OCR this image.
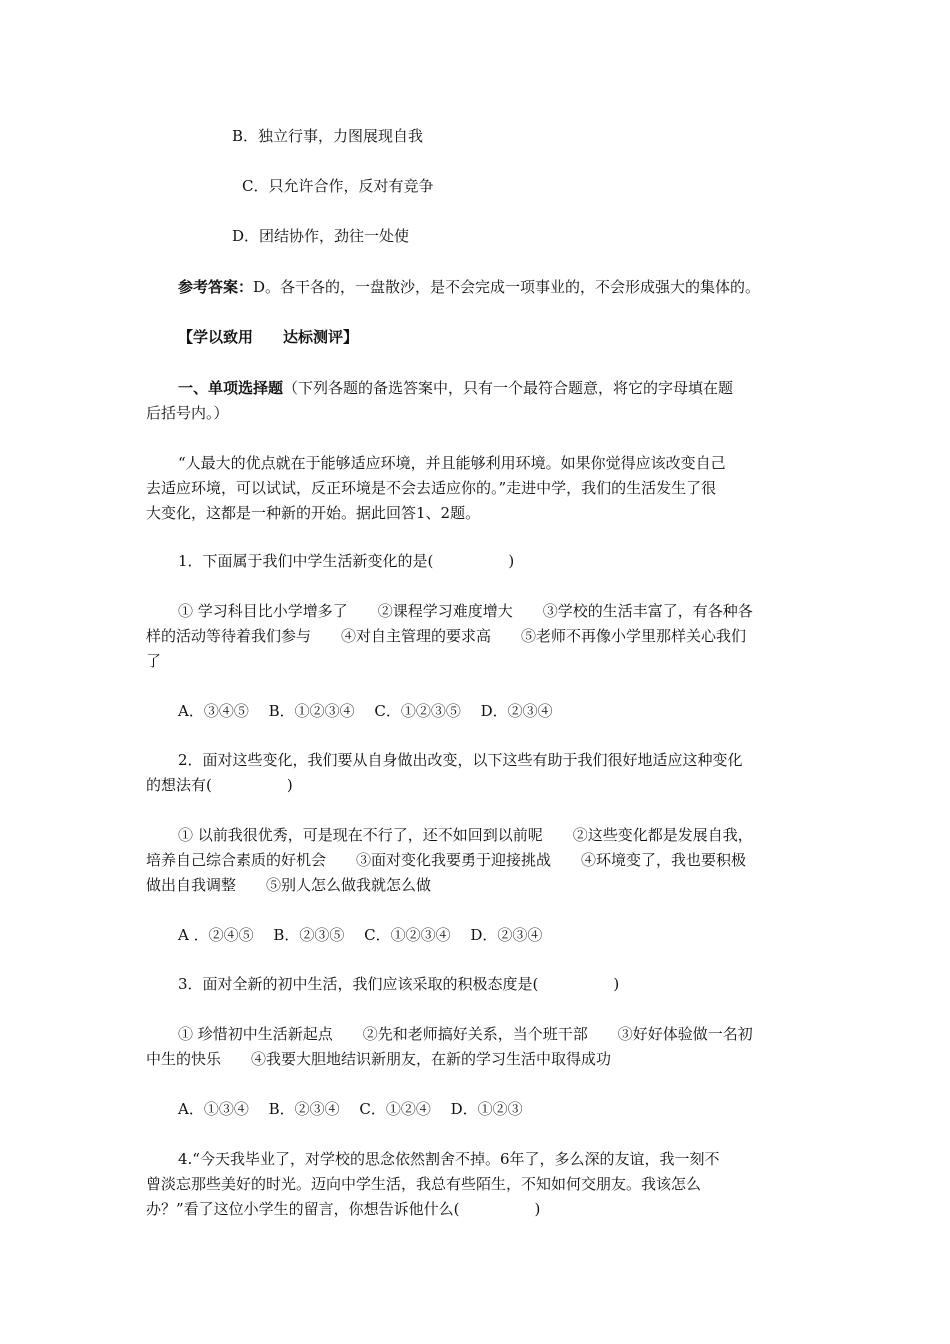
B．独立行事，力图展现自我
C．只允许合作，反对有竞争
D．团结协作，劲往一处使
参考答案：D。各干各的，一盘散沙，是不会完成一项事业的，不会形成强大的集体的。
【学以致用　　达标测评】
一、单项选择题（下列各题的备选答案中，只有一个最符合题意，将它的字母填在题
后括号内。）
“人最大的优点就在于能够适应环境，并且能够利用环境。如果你觉得应该改变自己
去适应环境，可以试试，反正环境是不会去适应你的。”走进中学，我们的生活发生了很
大变化，这都是一种新的开始。据此回答1、2题。
1．下面属于我们中学生活新变化的是(　　　　　)
① 学习科目比小学增多了　　②课程学习难度增大　　③学校的生活丰富了，有各种各
样的活动等待着我们参与　　④对自主管理的要求高　　⑤老师不再像小学里那样关心我们
了
A．③④⑤　 B．①②③④　 C．①②③⑤　 D．②③④
2．面对这些变化，我们要从自身做出改变，以下这些有助于我们很好地适应这种变化
的想法有(　　　　　)
① 以前我很优秀，可是现在不行了，还不如回到以前呢　　②这些变化都是发展自我，
培养自己综合素质的好机会　　③面对变化我要勇于迎接挑战　　④环境变了，我也要积极
做出自我调整　　⑤别人怎么做我就怎么做
A ．②④⑤　 B．②③⑤　 C．①②③④　 D．②③④
3．面对全新的初中生活，我们应该采取的积极态度是(　　　　　)
① 珍惜初中生活新起点　　②先和老师搞好关系，当个班干部　　③好好体验做一名初
中生的快乐　　④我要大胆地结识新朋友，在新的学习生活中取得成功
A．①③④　 B．②③④　 C．①②④　 D．①②③
4.“今天我毕业了，对学校的思念依然割舍不掉。6年了，多么深的友谊，我一刻不
曾淡忘那些美好的时光。迈向中学生活，我总有些陌生，不知如何交朋友。我该怎么
办？”看了这位小学生的留言，你想告诉他什么(　　　　　)
